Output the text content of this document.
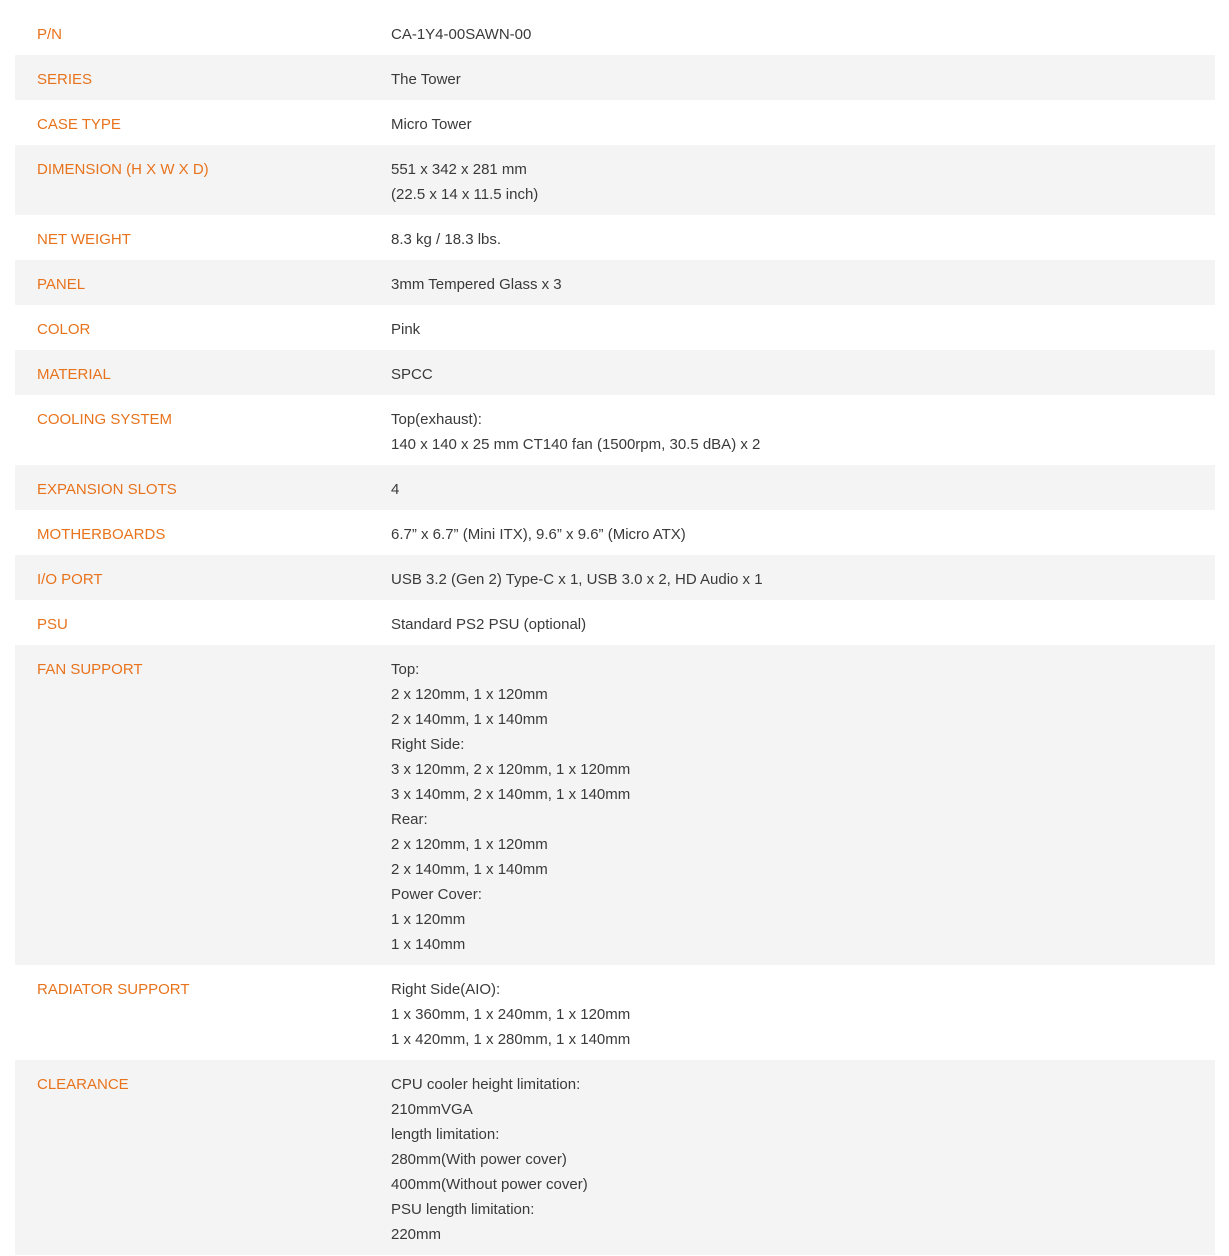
P/N	CA-1Y4-00SAWN-00
SERIES	The Tower
CASE TYPE	Micro Tower
DIMENSION (H X W X D)	551 x 342 x 281 mm
(22.5 x 14 x 11.5 inch)
NET WEIGHT	8.3 kg / 18.3 lbs.
PANEL	3mm Tempered Glass x 3
COLOR	Pink
MATERIAL	SPCC
COOLING SYSTEM	Top(exhaust):
140 x 140 x 25 mm CT140 fan (1500rpm, 30.5 dBA) x 2
EXPANSION SLOTS	4
MOTHERBOARDS	6.7” x 6.7” (Mini ITX), 9.6” x 9.6” (Micro ATX)
I/O PORT	USB 3.2 (Gen 2) Type-C x 1, USB 3.0 x 2, HD Audio x 1
PSU	Standard PS2 PSU (optional)
FAN SUPPORT	Top:
2 x 120mm, 1 x 120mm
2 x 140mm, 1 x 140mm
Right Side:
3 x 120mm, 2 x 120mm, 1 x 120mm
3 x 140mm, 2 x 140mm, 1 x 140mm
Rear:
2 x 120mm, 1 x 120mm
2 x 140mm, 1 x 140mm
Power Cover:
1 x 120mm
1 x 140mm
RADIATOR SUPPORT	Right Side(AIO):
1 x 360mm, 1 x 240mm, 1 x 120mm
1 x 420mm, 1 x 280mm, 1 x 140mm
CLEARANCE	CPU cooler height limitation:
210mmVGA
length limitation:
280mm(With power cover)
400mm(Without power cover)
PSU length limitation:
220mm
